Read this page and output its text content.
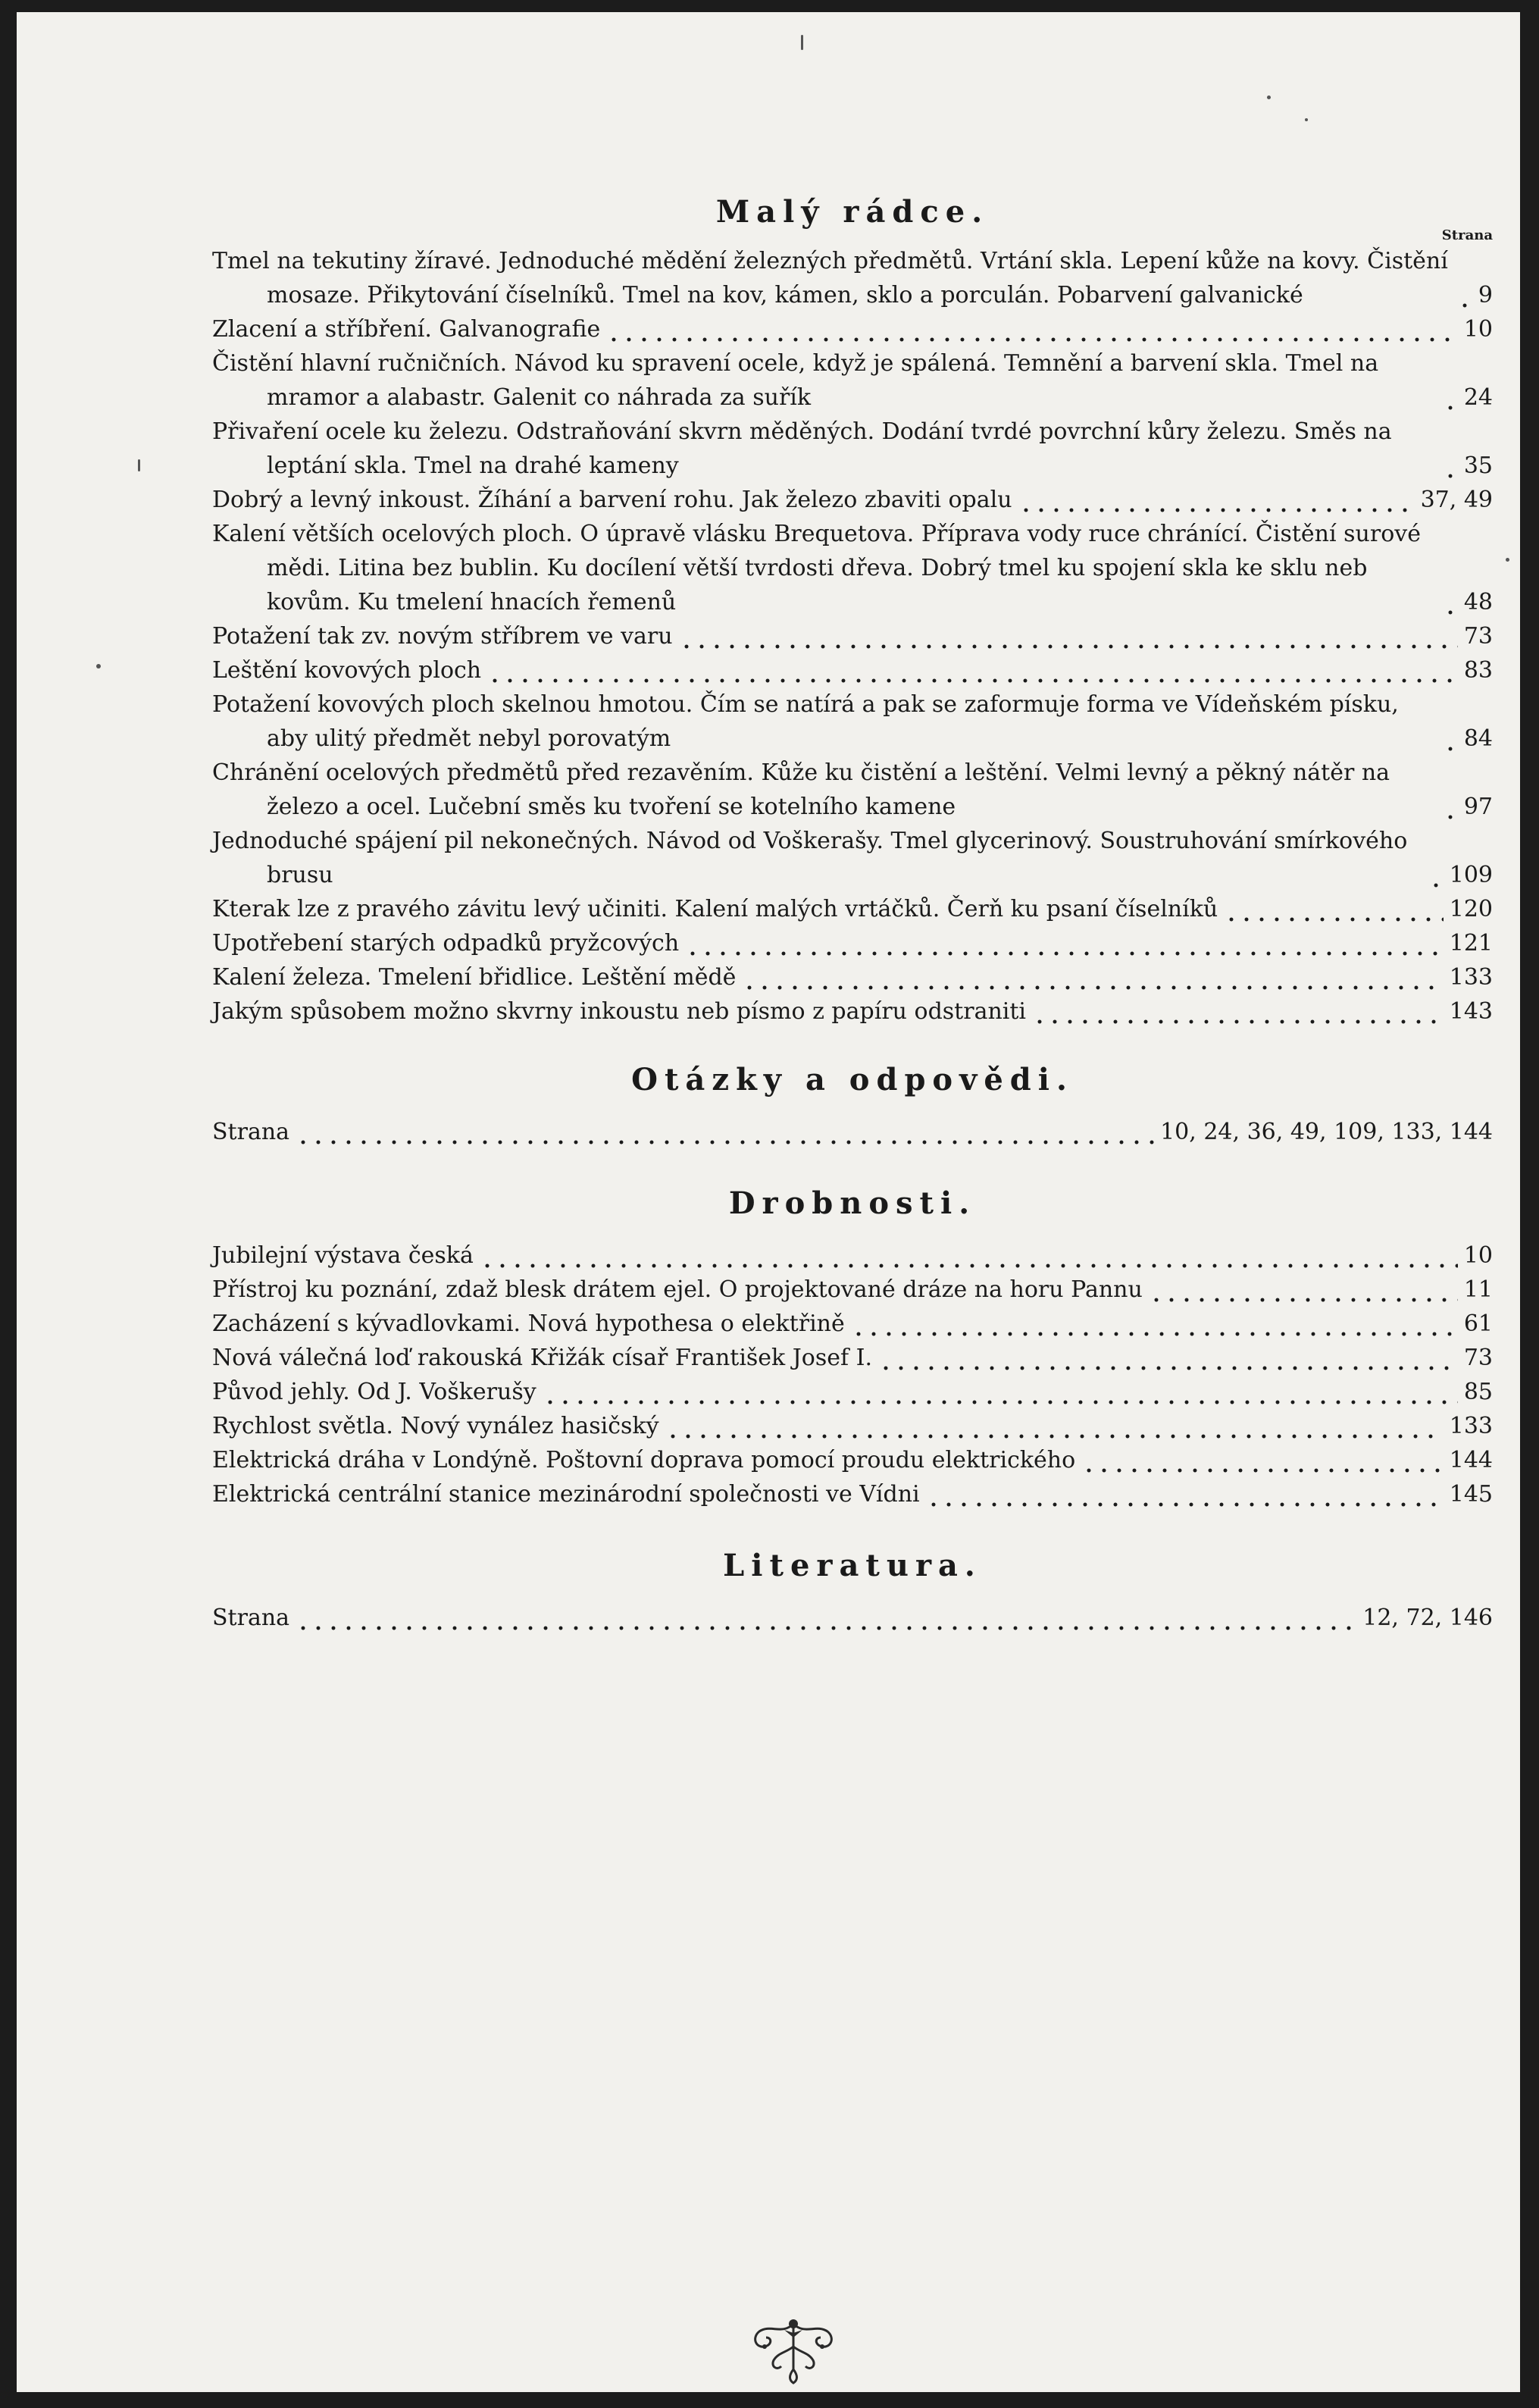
Malý rádce.
Strana
Tmel na tekutiny žíravé. Jednoduché mědění železných předmětů. Vrtání skla. Lepení kůže na kovy. Čistění mosaze. Přikytování číselníků. Tmel na kov, kámen, sklo a porculán. Pobarvení galvanické	9
Zlacení a stříbření. Galvanografie	10
Čistění hlavní ručničních. Návod ku spravení ocele, když je spálená. Temnění a barvení skla. Tmel na mramor a alabastr. Galenit co náhrada za suřík	24
Přivaření ocele ku železu. Odstraňování skvrn měděných. Dodání tvrdé povrchní kůry železu. Směs na leptání skla. Tmel na drahé kameny	35
Dobrý a levný inkoust. Žíhání a barvení rohu. Jak železo zbaviti opalu	37, 49
Kalení větších ocelových ploch. O úpravě vlásku Brequetova. Příprava vody ruce chránící. Čistění surové mědi. Litina bez bublin. Ku docílení větší tvrdosti dřeva. Dobrý tmel ku spojení skla ke sklu neb kovům. Ku tmelení hnacích řemenů	48
Potažení tak zv. novým stříbrem ve varu	73
Leštění kovových ploch	83
Potažení kovových ploch skelnou hmotou. Čím se natírá a pak se zaformuje forma ve Vídeňském písku, aby ulitý předmět nebyl porovatým	84
Chránění ocelových předmětů před rezavěním. Kůže ku čistění a leštění. Velmi levný a pěkný nátěr na železo a ocel. Lučební směs ku tvoření se kotelního kamene	97
Jednoduché spájení pil nekonečných. Návod od Voškerašy. Tmel glycerinový. Soustruhování smírkového brusu	109
Kterak lze z pravého závitu levý učiniti. Kalení malých vrtáčků. Čerň ku psaní číselníků	120
Upotřebení starých odpadků pryžcových	121
Kalení železa. Tmelení břidlice. Leštění mědě	133
Jakým spůsobem možno skvrny inkoustu neb písmo z papíru odstraniti	143
Otázky a odpovědi.
Strana	10, 24, 36, 49, 109, 133, 144
Drobnosti.
Jubilejní výstava česká	10
Přístroj ku poznání, zdaž blesk drátem ejel. O projektované dráze na horu Pannu	11
Zacházení s kývadlovkami. Nová hypothesa o elektřině	61
Nová válečná loď rakouská Křižák císař František Josef I.	73
Původ jehly. Od J. Voškerušy	85
Rychlost světla. Nový vynález hasičský	133
Elektrická dráha v Londýně. Poštovní doprava pomocí proudu elektrického	144
Elektrická centrální stanice mezinárodní společnosti ve Vídni	145
Literatura.
Strana	12, 72, 146
